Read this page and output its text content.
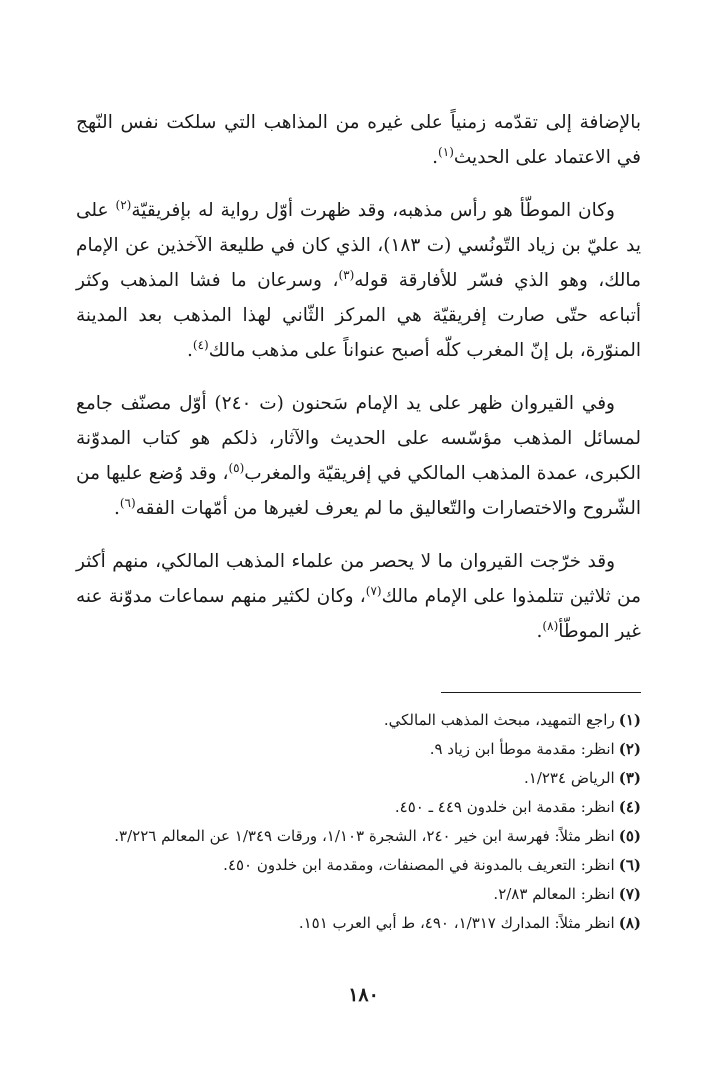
بالإضافة إلى تقدّمه زمنياً على غيره من المذاهب التي سلكت نفس النّهج في الاعتماد على الحديث$^{(١)}$.

وكان الموطّأ هو رأس مذهبه، وقد ظهرت أوّل رواية له بإفريقيّة$^{(٢)}$ على يد عليّ بن زياد التّونُسي (ت ١٨٣)، الذي كان في طليعة الآخذين عن الإمام مالك، وهو الذي فسّر للأفارقة قوله$^{(٣)}$، وسرعان ما فشا المذهب وكثر أتباعه حتّى صارت إفريقيّة هي المركز الثّاني لهذا المذهب بعد المدينة المنوّرة، بل إنّ المغرب كلّه أصبح عنواناً على مذهب مالك$^{(٤)}$.

وفي القيروان ظهر على يد الإمام سَحنون (ت ٢٤٠) أوّل مصنّف جامع لمسائل المذهب مؤسّسه على الحديث والآثار، ذلكم هو كتاب المدوّنة الكبرى، عمدة المذهب المالكي في إفريقيّة والمغرب$^{(٥)}$، وقد وُضع عليها من الشّروح والاختصارات والتّعاليق ما لم يعرف لغيرها من أمّهات الفقه$^{(٦)}$.

وقد خرّجت القيروان ما لا يحصر من علماء المذهب المالكي، منهم أكثر من ثلاثين تتلمذوا على الإمام مالك$^{(٧)}$، وكان لكثير منهم سماعات مدوّنة عنه غير الموطّأ$^{(٨)}$.

(١)راجع التمهيد، مبحث المذهب المالكي.
(٢)انظر: مقدمة موطأ ابن زياد ٩.
(٣)الرياض ١/٢٣٤.
(٤)انظر: مقدمة ابن خلدون ٤٤٩ ـ ٤٥٠.
(٥)انظر مثلاً: فهرسة ابن خير ٢٤٠، الشجرة ١/١٠٣، ورقات ١/٣٤٩ عن المعالم ٣/٢٢٦.
(٦)انظر: التعريف بالمدونة في المصنفات، ومقدمة ابن خلدون ٤٥٠.
(٧)انظر: المعالم ٢/٨٣.
(٨)انظر مثلاً: المدارك ١/٣١٧، ٤٩٠، ط أبي العرب ١٥١.
١٨٠
